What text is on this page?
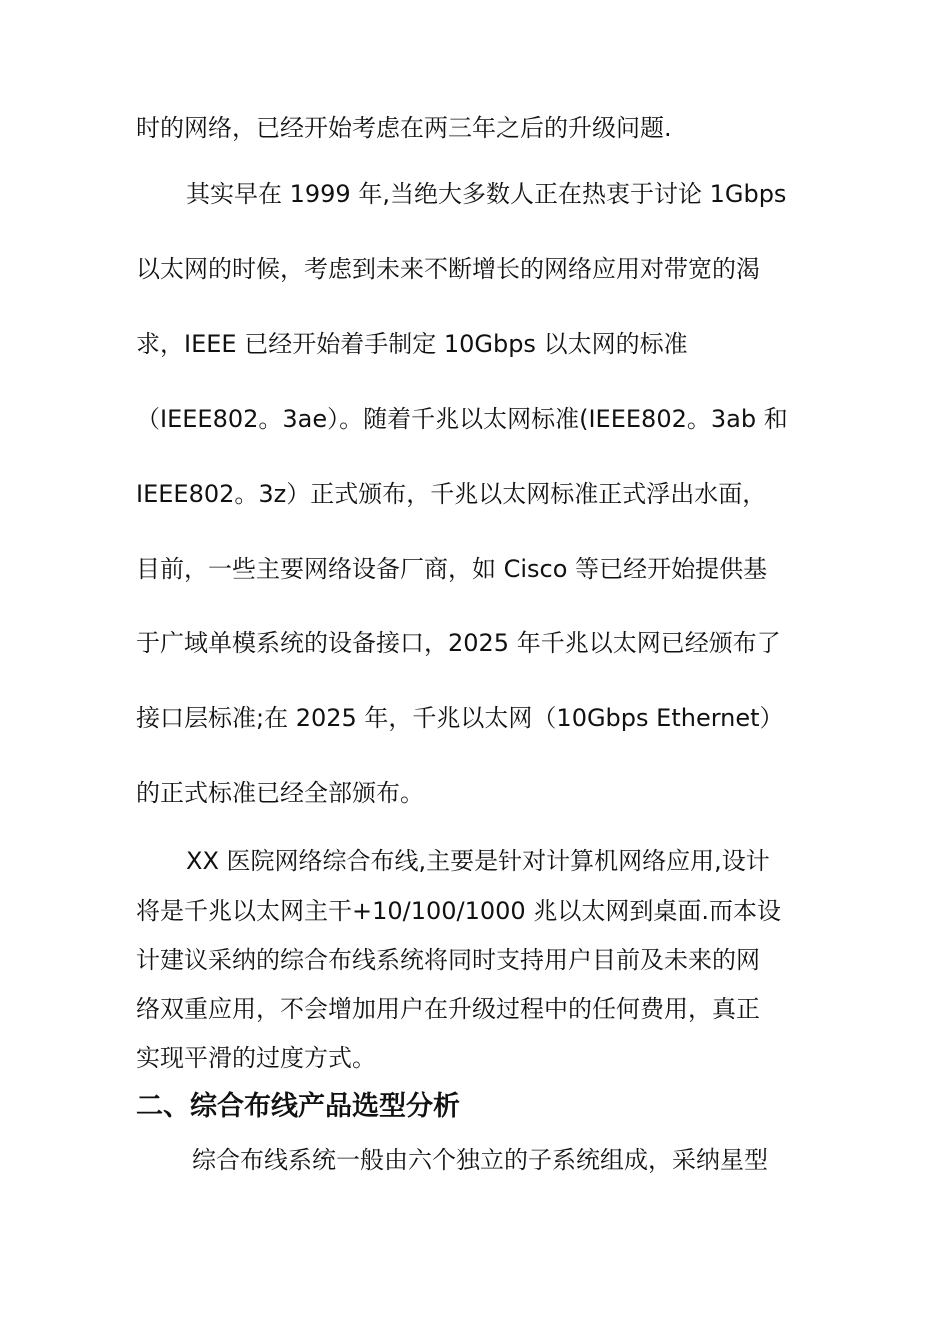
时的网络，已经开始考虑在两三年之后的升级问题.
其实早在 1999 年,当绝大多数人正在热衷于讨论 1Gbps
以太网的时候，考虑到未来不断增长的网络应用对带宽的渴
求，IEEE 已经开始着手制定 10Gbps 以太网的标准
（IEEE802。3ae）。随着千兆以太网标准(IEEE802。3ab 和
IEEE802。3z）正式颁布，千兆以太网标准正式浮出水面，
目前，一些主要网络设备厂商，如 Cisco 等已经开始提供基
于广域单模系统的设备接口，2025 年千兆以太网已经颁布了
接口层标准;在 2025 年，千兆以太网（10Gbps Ethernet）
的正式标准已经全部颁布。
XX 医院网络综合布线,主要是针对计算机网络应用,设计
将是千兆以太网主干+10/100/1000 兆以太网到桌面.而本设
计建议采纳的综合布线系统将同时支持用户目前及未来的网
络双重应用，不会增加用户在升级过程中的任何费用，真正
实现平滑的过度方式。
二、综合布线产品选型分析
综合布线系统一般由六个独立的子系统组成，采纳星型
